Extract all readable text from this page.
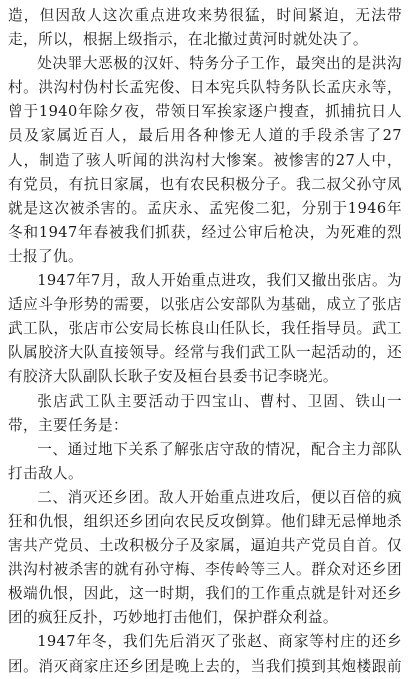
造，但因敌人这次重点进攻来势很猛，时间紧迫，无法带走，所以，根据上级指示，在北撤过黄河时就处决了。

处决罪大恶极的汉奸、特务分子工作，最突出的是洪沟村。洪沟村伪村长孟宪俊、日本宪兵队特务队长孟庆永等，曾于1940年除夕夜，带领日军挨家逐户搜查，抓捕抗日人员及家属近百人，最后用各种惨无人道的手段杀害了27人，制造了骇人听闻的洪沟村大惨案。被惨害的27人中，有党员，有抗日家属，也有农民积极分子。我二叔父孙守凤就是这次被杀害的。孟庆永、孟宪俊二犯，分别于1946年冬和1947年春被我们抓获，经过公审后枪决，为死难的烈士报了仇。

1947年7月，敌人开始重点进攻，我们又撤出张店。为适应斗争形势的需要，以张店公安部队为基础，成立了张店武工队，张店市公安局长栋良山任队长，我任指导员。武工队属胶济大队直接领导。经常与我们武工队一起活动的，还有胶济大队副队长耿子安及桓台县委书记李晓光。

张店武工队主要活动于四宝山、曹村、卫固、铁山一带，主要任务是：

一、通过地下关系了解张店守敌的情况，配合主力部队打击敌人。

二、消灭还乡团。敌人开始重点进攻后，便以百倍的疯狂和仇恨，组织还乡团向农民反攻倒算。他们肆无忌惮地杀害共产党员、土改积极分子及家属，逼迫共产党员自首。仅洪沟村被杀害的就有孙守梅、李传岭等三人。群众对还乡团极端仇恨，因此，这一时期，我们的工作重点就是针对还乡团的疯狂反扑，巧妙地打击他们，保护群众利益。

1947年冬，我们先后消灭了张赵、商家等村庄的还乡团。消灭商家庄还乡团是晚上去的，当我们摸到其炮楼跟前
